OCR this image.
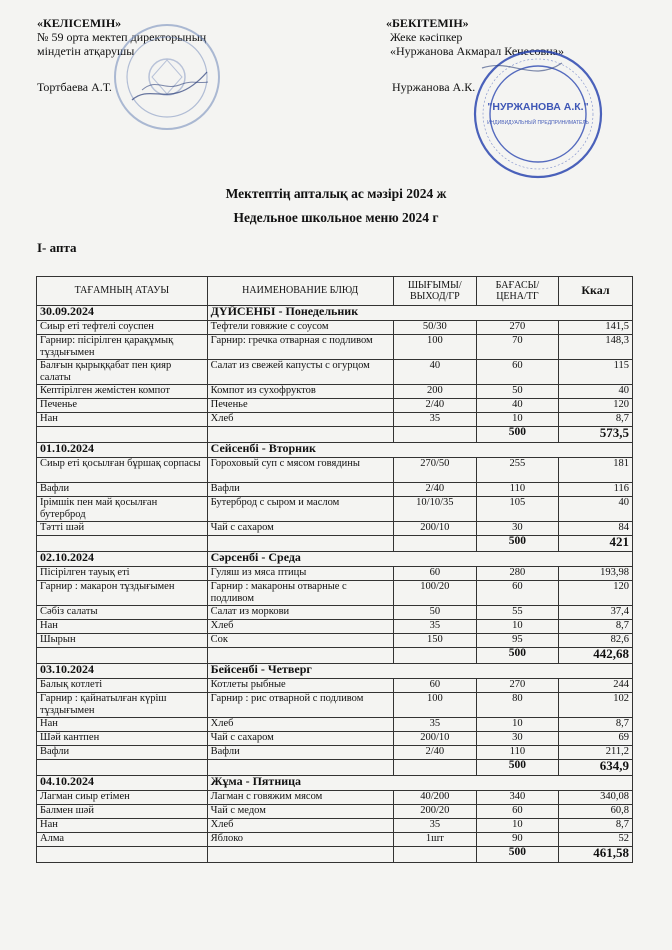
«КЕЛІСЕМІН»
№ 59 орта мектеп директорының
міндетін атқарушы
Тортбаева А.Т.
«БЕКІТЕМІН»
Жеке кәсіпкер
«Нуржанова Акмарал Кенесовна»
Нуржанова А.К.
"НУРЖАНОВА А.К."
ИНДИВИДУАЛЬНЫЙ ПРЕДПРИНИМАТЕЛЬ
Мектептің апталық ас мәзірі 2024 ж
Недельное школьное меню 2024 г
I- апта
ТАҒАМНЫҢ АТАУЫ	НАИМЕНОВАНИЕ БЛЮД	ШЫҒЫМЫ/ ВЫХОД/ГР	БАҒАСЫ/ ЦЕНА/ТГ	Ккал
30.09.2024	ДҮЙСЕНБІ - Понедельник			
Сиыр еті тефтелі соуспен	Тефтели говяжие с соусом	50/30	270	141,5
Гарнир: пісірілген қарақұмық тұздығымен	Гарнир: гречка отварная с подливом	100	70	148,3
Балғын қырыққабат пен қияр салаты	Салат из свежей капусты с огурцом	40	60	115
Кептірілген жемістен компот	Компот из сухофруктов	200	50	40
Печенье	Печенье	2/40	40	120
Нан	Хлеб	35	10	8,7
			500	573,5
01.10.2024	Сейсенбі - Вторник			
Сиыр еті қосылған бұршақ сорпасы	Гороховый суп с мясом говядины	270/50	255	181
Вафли	Вафли	2/40	110	116
Ірімшік пен май қосылған бутерброд	Бутерброд с сыром и маслом	10/10/35	105	40
Тәтті шәй	Чай с сахаром	200/10	30	84
			500	421
02.10.2024	Сәрсенбі - Среда			
Пісірілген тауық еті	Гуляш из мяса птицы	60	280	193,98
Гарнир : макарон тұздығымен	Гарнир : макароны отварные с подливом	100/20	60	120
Сәбіз салаты	Салат из моркови	50	55	37,4
Нан	Хлеб	35	10	8,7
Шырын	Сок	150	95	82,6
			500	442,68
03.10.2024	Бейсенбі - Четверг			
Балық котлеті	Котлеты рыбные	60	270	244
Гарнир : қайнатылған күріш тұздығымен	Гарнир : рис отварной с подливом	100	80	102
Нан	Хлеб	35	10	8,7
Шәй кантпен	Чай с сахаром	200/10	30	69
Вафли	Вафли	2/40	110	211,2
			500	634,9
04.10.2024	Жұма - Пятница			
Лагман сиыр етімен	Лагман с говяжим мясом	40/200	340	340,08
Балмен шәй	Чай с медом	200/20	60	60,8
Нан	Хлеб	35	10	8,7
Алма	Яблоко	1шт	90	52
			500	461,58
